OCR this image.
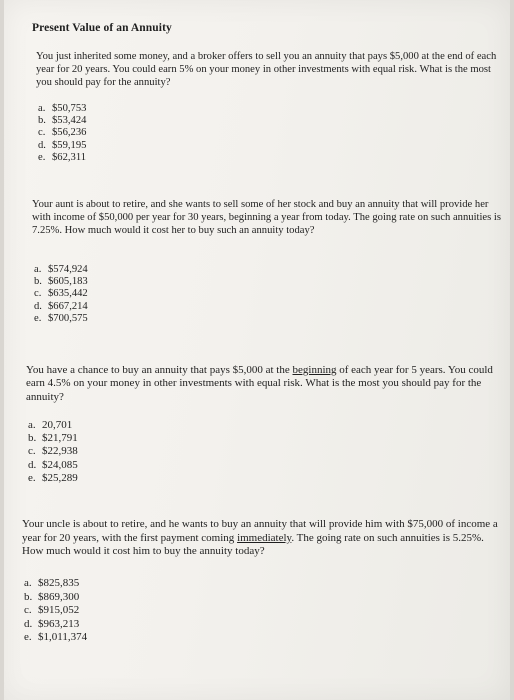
Present Value of an Annuity
You just inherited some money, and a broker offers to sell you an annuity that pays $5,000 at the end of each year for 20 years. You could earn 5% on your money in other investments with equal risk. What is the most you should pay for the annuity?
a. $50,753
b. $53,424
c. $56,236
d. $59,195
e. $62,311
Your aunt is about to retire, and she wants to sell some of her stock and buy an annuity that will provide her with income of $50,000 per year for 30 years, beginning a year from today. The going rate on such annuities is 7.25%. How much would it cost her to buy such an annuity today?
a. $574,924
b. $605,183
c. $635,442
d. $667,214
e. $700,575
You have a chance to buy an annuity that pays $5,000 at the beginning of each year for 5 years. You could earn 4.5% on your money in other investments with equal risk. What is the most you should pay for the annuity?
a. 20,701
b. $21,791
c. $22,938
d. $24,085
e. $25,289
Your uncle is about to retire, and he wants to buy an annuity that will provide him with $75,000 of income a year for 20 years, with the first payment coming immediately. The going rate on such annuities is 5.25%. How much would it cost him to buy the annuity today?
a. $825,835
b. $869,300
c. $915,052
d. $963,213
e. $1,011,374
